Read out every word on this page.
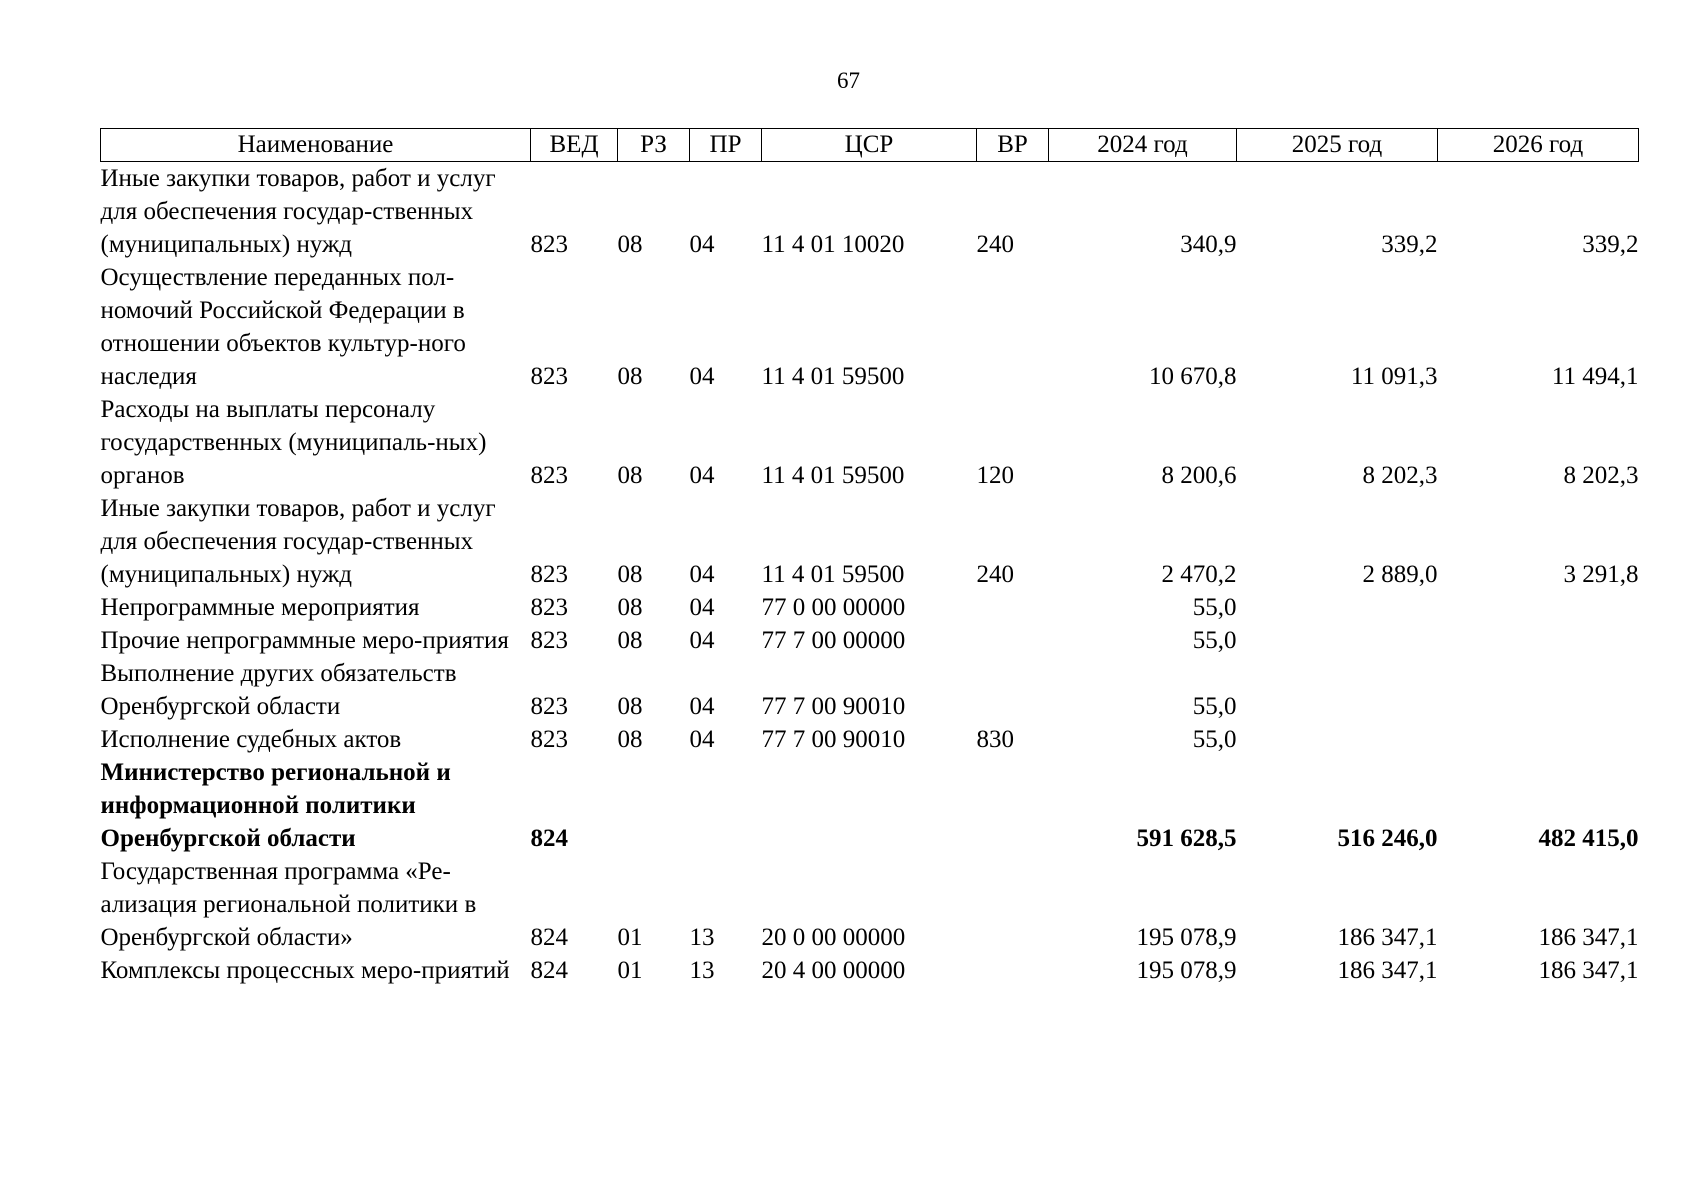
67
Наименование	ВЕД	РЗ	ПР	ЦСР	ВР	2024 год	2025 год	2026 год
Иные закупки товаров, работ и услуг для обеспечения государ-ственных (муниципальных) нужд	823	08	04	11 4 01 10020	240	340,9	339,2	339,2
Осуществление переданных пол-номочий Российской Федерации в отношении объектов культур-ного наследия	823	08	04	11 4 01 59500		10 670,8	11 091,3	11 494,1
Расходы на выплаты персоналу государственных (муниципаль-ных) органов	823	08	04	11 4 01 59500	120	8 200,6	8 202,3	8 202,3
Иные закупки товаров, работ и услуг для обеспечения государ-ственных (муниципальных) нужд	823	08	04	11 4 01 59500	240	2 470,2	2 889,0	3 291,8
Непрограммные мероприятия	823	08	04	77 0 00 00000		55,0		
Прочие непрограммные меро-приятия	823	08	04	77 7 00 00000		55,0		
Выполнение других обязательств Оренбургской области	823	08	04	77 7 00 90010		55,0		
Исполнение судебных актов	823	08	04	77 7 00 90010	830	55,0		
Министерство региональной и информационной политики Оренбургской области	824					591 628,5	516 246,0	482 415,0
Государственная программа «Ре-ализация региональной политики в Оренбургской области»	824	01	13	20 0 00 00000		195 078,9	186 347,1	186 347,1
Комплексы процессных меро-приятий	824	01	13	20 4 00 00000		195 078,9	186 347,1	186 347,1
